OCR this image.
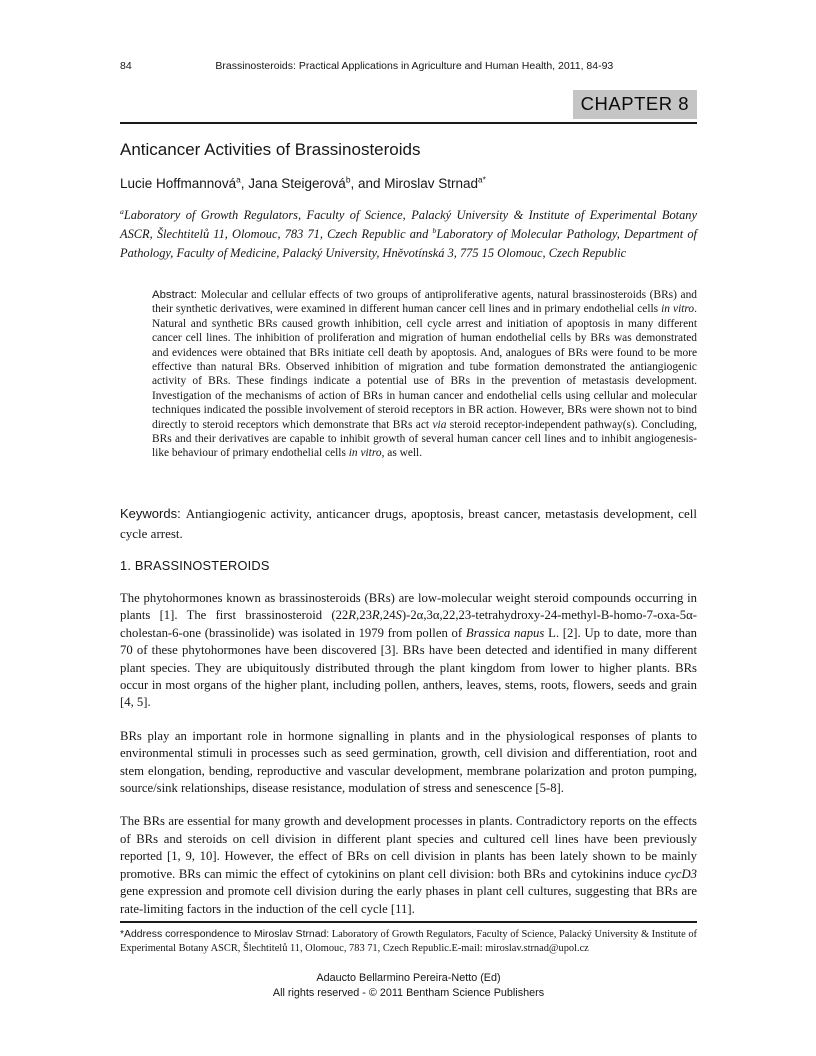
84	Brassinosteroids: Practical Applications in Agriculture and Human Health, 2011, 84-93
CHAPTER 8
Anticancer Activities of Brassinosteroids
Lucie Hoffmannová$^a$, Jana Steigerová$^b$, and Miroslav Strnad$^{a*}$
$^a$Laboratory of Growth Regulators, Faculty of Science, Palacký University & Institute of Experimental Botany ASCR, Šlechtitelů 11, Olomouc, 783 71, Czech Republic and $^b$Laboratory of Molecular Pathology, Department of Pathology, Faculty of Medicine, Palacký University, Hněvotínská 3, 775 15 Olomouc, Czech Republic
Abstract: Molecular and cellular effects of two groups of antiproliferative agents, natural brassinosteroids (BRs) and their synthetic derivatives, were examined in different human cancer cell lines and in primary endothelial cells in vitro. Natural and synthetic BRs caused growth inhibition, cell cycle arrest and initiation of apoptosis in many different cancer cell lines. The inhibition of proliferation and migration of human endothelial cells by BRs was demonstrated and evidences were obtained that BRs initiate cell death by apoptosis. And, analogues of BRs were found to be more effective than natural BRs. Observed inhibition of migration and tube formation demonstrated the antiangiogenic activity of BRs. These findings indicate a potential use of BRs in the prevention of metastasis development. Investigation of the mechanisms of action of BRs in human cancer and endothelial cells using cellular and molecular techniques indicated the possible involvement of steroid receptors in BR action. However, BRs were shown not to bind directly to steroid receptors which demonstrate that BRs act via steroid receptor-independent pathway(s). Concluding, BRs and their derivatives are capable to inhibit growth of several human cancer cell lines and to inhibit angiogenesis-like behaviour of primary endothelial cells in vitro, as well.
Keywords: Antiangiogenic activity, anticancer drugs, apoptosis, breast cancer, metastasis development, cell cycle arrest.
1. BRASSINOSTEROIDS

The phytohormones known as brassinosteroids (BRs) are low-molecular weight steroid compounds occurring in plants [1]. The first brassinosteroid (22R,23R,24S)-2α,3α,22,23-tetrahydroxy-24-methyl-B-homo-7-oxa-5α-cholestan-6-one (brassinolide) was isolated in 1979 from pollen of Brassica napus L. [2]. Up to date, more than 70 of these phytohormones have been discovered [3]. BRs have been detected and identified in many different plant species. They are ubiquitously distributed through the plant kingdom from lower to higher plants. BRs occur in most organs of the higher plant, including pollen, anthers, leaves, stems, roots, flowers, seeds and grain [4, 5].

BRs play an important role in hormone signalling in plants and in the physiological responses of plants to environmental stimuli in processes such as seed germination, growth, cell division and differentiation, root and stem elongation, bending, reproductive and vascular development, membrane polarization and proton pumping, source/sink relationships, disease resistance, modulation of stress and senescence [5-8].

The BRs are essential for many growth and development processes in plants. Contradictory reports on the effects of BRs and steroids on cell division in different plant species and cultured cell lines have been previously reported [1, 9, 10]. However, the effect of BRs on cell division in plants has been lately shown to be mainly promotive. BRs can mimic the effect of cytokinins on plant cell division: both BRs and cytokinins induce cycD3 gene expression and promote cell division during the early phases in plant cell cultures, suggesting that BRs are rate-limiting factors in the induction of the cell cycle [11].

*Address correspondence to Miroslav Strnad: Laboratory of Growth Regulators, Faculty of Science, Palacký University & Institute of Experimental Botany ASCR, Šlechtitelů 11, Olomouc, 783 71, Czech Republic.E-mail: miroslav.strnad@upol.cz
Adaucto Bellarmino Pereira-Netto (Ed)
All rights reserved - © 2011 Bentham Science Publishers
